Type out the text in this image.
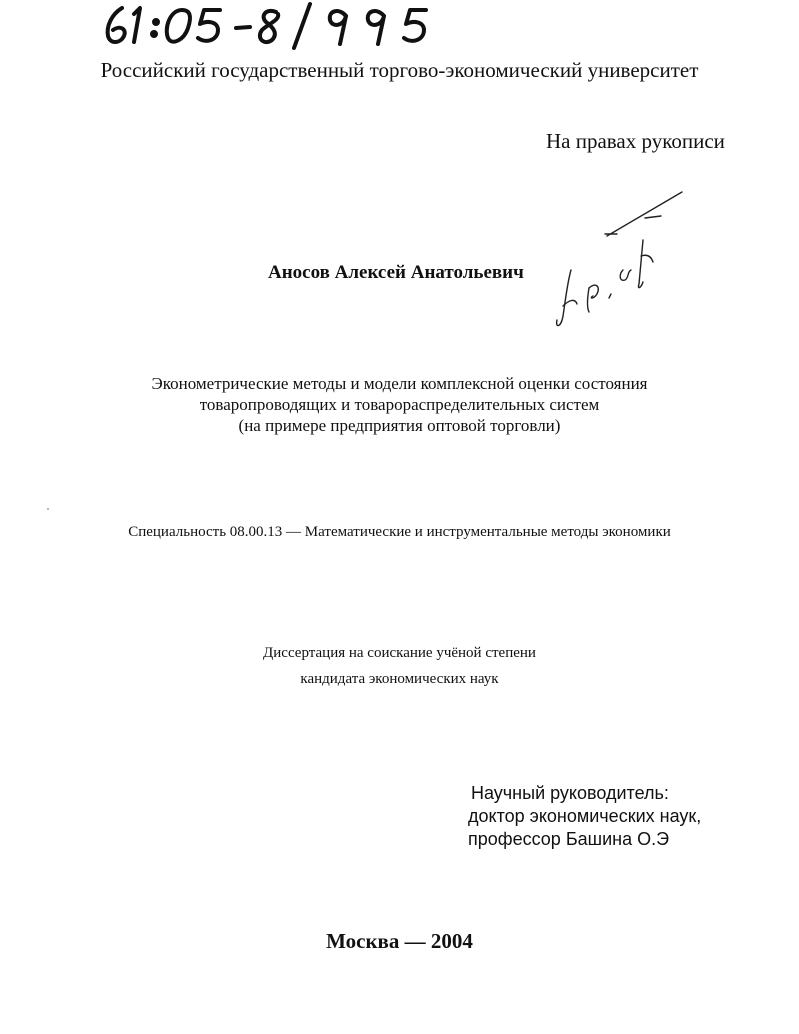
Российский государственный торгово-экономический университет
На правах рукописи
Аносов Алексей Анатольевич
Эконометрические методы и модели комплексной оценки состояния
товаропроводящих и товарораспределительных систем
(на примере предприятия оптовой торговли)
Специальность 08.00.13 — Математические и инструментальные методы экономики
Диссертация на соискание учёной степени
кандидата экономических наук
Научный руководитель:
доктор экономических наук,
профессор Башина О.Э
Москва — 2004
